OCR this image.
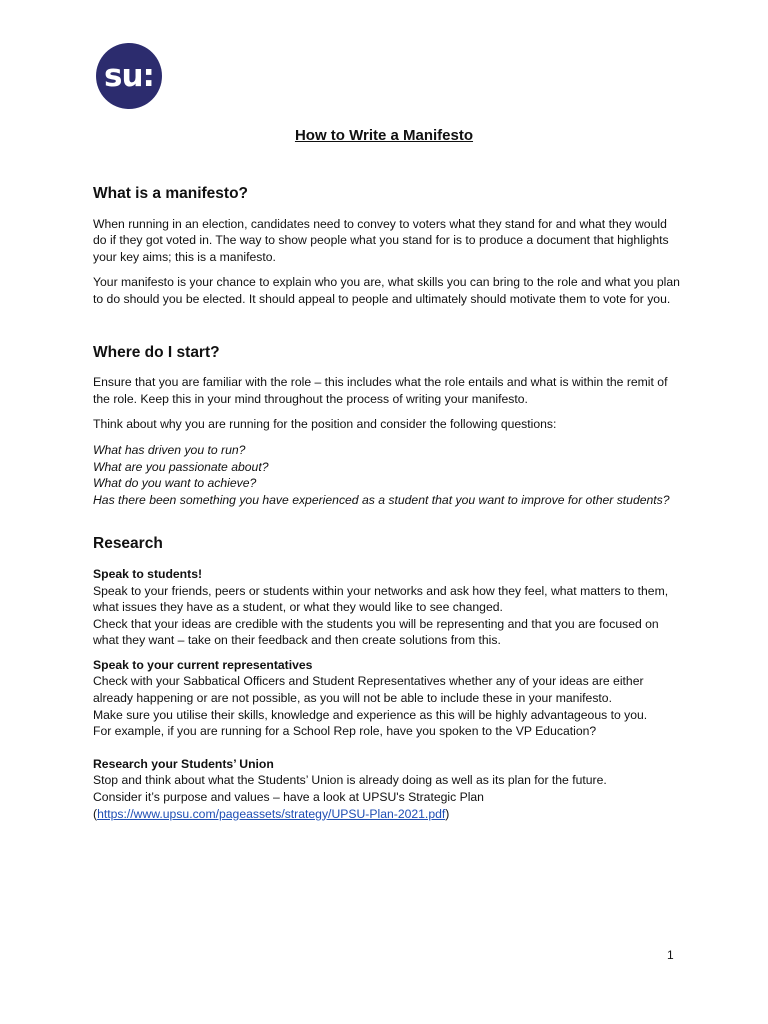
su:
How to Write a Manifesto
What is a manifesto?

When running in an election, candidates need to convey to voters what they stand for and what they would do if they got voted in. The way to show people what you stand for is to produce a document that highlights your key aims; this is a manifesto.

Your manifesto is your chance to explain who you are, what skills you can bring to the role and what you plan to do should you be elected. It should appeal to people and ultimately should motivate them to vote for you.

Where do I start?

Ensure that you are familiar with the role – this includes what the role entails and what is within the remit of the role. Keep this in your mind throughout the process of writing your manifesto.

Think about why you are running for the position and consider the following questions:

What has driven you to run?

What are you passionate about?

What do you want to achieve?

Has there been something you have experienced as a student that you want to improve for other students?

Research

Speak to students!

Speak to your friends, peers or students within your networks and ask how they feel, what matters to them, what issues they have as a student, or what they would like to see changed.

Check that your ideas are credible with the students you will be representing and that you are focused on what they want – take on their feedback and then create solutions from this.

Speak to your current representatives

Check with your Sabbatical Officers and Student Representatives whether any of your ideas are either already happening or are not possible, as you will not be able to include these in your manifesto.

Make sure you utilise their skills, knowledge and experience as this will be highly advantageous to you.

For example, if you are running for a School Rep role, have you spoken to the VP Education?

Research your Students’ Union

Stop and think about what the Students’ Union is already doing as well as its plan for the future.

Consider it’s purpose and values – have a look at UPSU's Strategic Plan

(https://www.upsu.com/pageassets/strategy/UPSU-Plan-2021.pdf)

1
